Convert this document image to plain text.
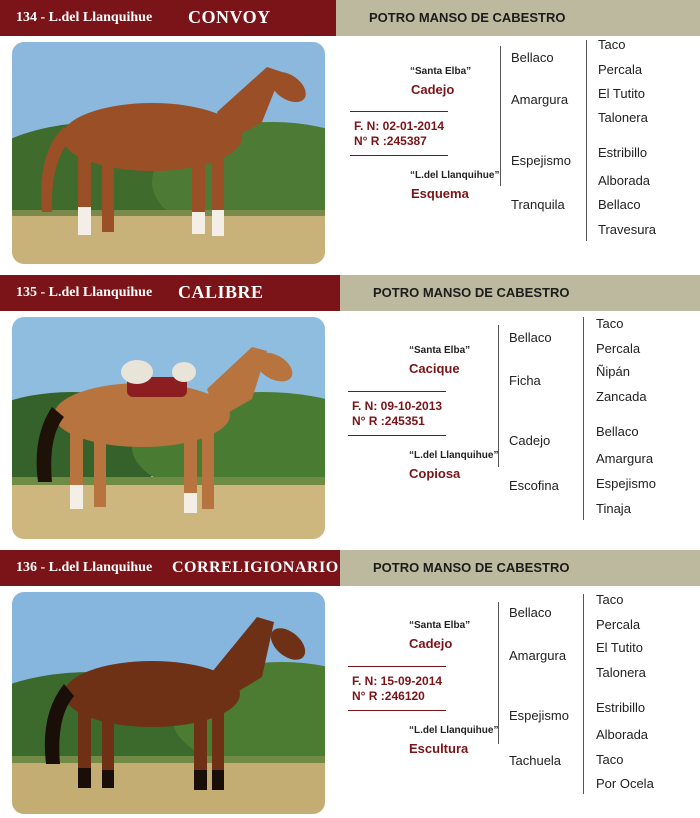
134 - L.del Llanquihue CONVOY	POTRO MANSO DE CABESTRO
“Santa Elba”
Cadejo
F. N: 02-01-2014
N° R :245387
“L.del Llanquihue”
Esquema
Bellaco
Amargura
Espejismo
Tranquila
Taco
Percala
El Tutito
Talonera
Estribillo
Alborada
Bellaco
Travesura
135 - L.del Llanquihue CALIBRE	POTRO MANSO DE CABESTRO
“Santa Elba”
Cacique
F. N: 09-10-2013
N° R :245351
“L.del Llanquihue”
Copiosa
Bellaco
Ficha
Cadejo
Escofina
Taco
Percala
Ñipán
Zancada
Bellaco
Amargura
Espejismo
Tinaja
136 - L.del Llanquihue CORRELIGIONARIO	POTRO MANSO DE CABESTRO
“Santa Elba”
Cadejo
F. N: 15-09-2014
N° R :246120
“L.del Llanquihue”
Escultura
Bellaco
Amargura
Espejismo
Tachuela
Taco
Percala
El Tutito
Talonera
Estribillo
Alborada
Taco
Por Ocela
